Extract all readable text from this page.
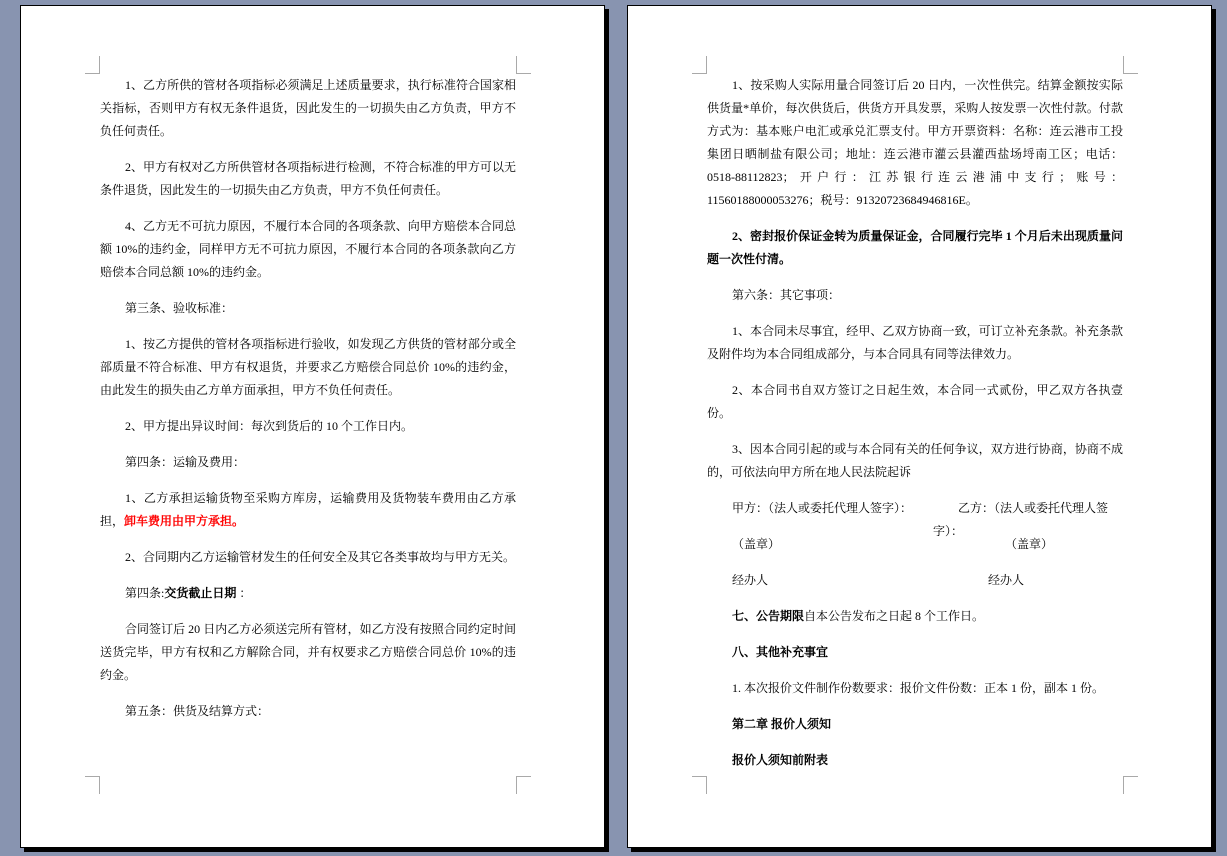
1、乙方所供的管材各项指标必须满足上述质量要求，执行标准符合国家相关指标，否则甲方有权无条件退货，因此发生的一切损失由乙方负责，甲方不负任何责任。

2、甲方有权对乙方所供管材各项指标进行检测，不符合标准的甲方可以无条件退货，因此发生的一切损失由乙方负责，甲方不负任何责任。

4、乙方无不可抗力原因，不履行本合同的各项条款、向甲方赔偿本合同总额 10%的违约金，同样甲方无不可抗力原因，不履行本合同的各项条款向乙方赔偿本合同总额 10%的违约金。

第三条、验收标准：

1、按乙方提供的管材各项指标进行验收，如发现乙方供货的管材部分或全部质量不符合标准、甲方有权退货，并要求乙方赔偿合同总价 10%的违约金，由此发生的损失由乙方单方面承担，甲方不负任何责任。

2、甲方提出异议时间：每次到货后的 10 个工作日内。

第四条：运输及费用：

1、乙方承担运输货物至采购方库房，运输费用及货物装车费用由乙方承担，卸车费用由甲方承担。

2、合同期内乙方运输管材发生的任何安全及其它各类事故均与甲方无关。

第四条:交货截止日期 ：

合同签订后 20 日内乙方必须送完所有管材，如乙方没有按照合同约定时间送货完毕，甲方有权和乙方解除合同，并有权要求乙方赔偿合同总价 10%的违约金。

第五条：供货及结算方式：

1、按采购人实际用量合同签订后 20 日内，一次性供完。结算金额按实际供货量*单价，每次供货后，供货方开具发票，采购人按发票一次性付款。付款方式为：基本账户电汇或承兑汇票支付。甲方开票资料：名称：连云港市工投集团日晒制盐有限公司；地址：连云港市灌云县灌西盐场埒南工区；电话：0518-88112823；开户行：江苏银行连云港浦中支行；账号：11560188000053276；税号：91320723684946816E。

2、密封报价保证金转为质量保证金，合同履行完毕 1 个月后未出现质量问题一次性付清。

第六条：其它事项：

1、本合同未尽事宜，经甲、乙双方协商一致，可订立补充条款。补充条款及附件均为本合同组成部分，与本合同具有同等法律效力。

2、本合同书自双方签订之日起生效，本合同一式贰份，甲乙双方各执壹份。

3、因本合同引起的或与本合同有关的任何争议，双方进行协商，协商不成的，可依法向甲方所在地人民法院起诉

甲方：（法人或委托代理人签字）：	乙方：（法人或委托代理人签字）：

（盖章）	（盖章）

经办人	经办人

七、公告期限自本公告发布之日起 8 个工作日。

八、其他补充事宜

1. 本次报价文件制作份数要求：报价文件份数：正本 1 份，副本 1 份。

第二章 报价人须知

报价人须知前附表
